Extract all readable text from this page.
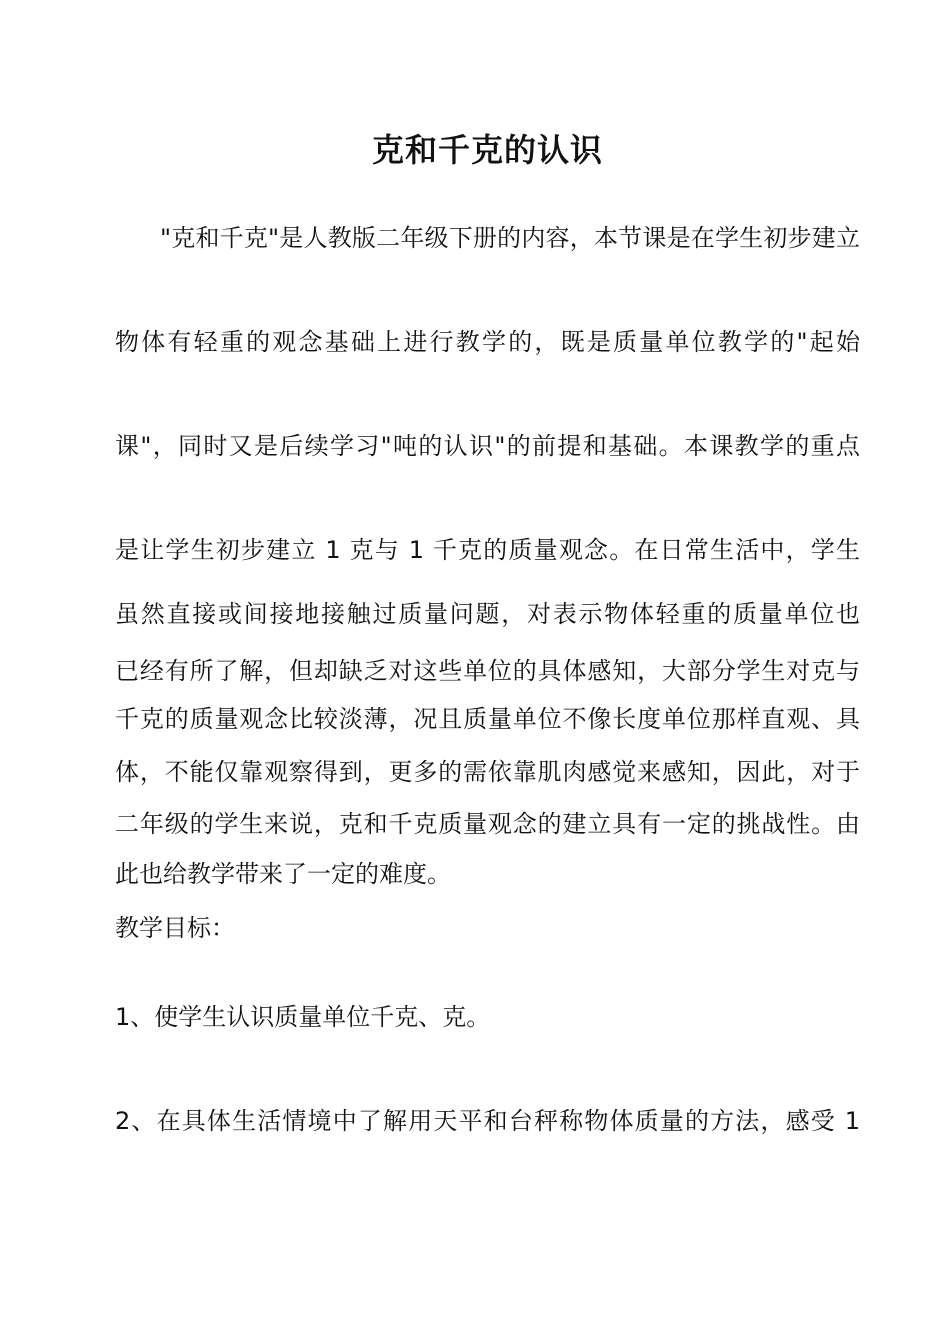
克和千克的认识
"克和千克"是人教版二年级下册的内容，本节课是在学生初步建立
物体有轻重的观念基础上进行教学的，既是质量单位教学的"起始
课"，同时又是后续学习"吨的认识"的前提和基础。本课教学的重点
是让学生初步建立 1 克与 1 千克的质量观念。在日常生活中，学生
虽然直接或间接地接触过质量问题，对表示物体轻重的质量单位也
已经有所了解，但却缺乏对这些单位的具体感知，大部分学生对克与
千克的质量观念比较淡薄，况且质量单位不像长度单位那样直观、具
体，不能仅靠观察得到，更多的需依靠肌肉感觉来感知，因此，对于
二年级的学生来说，克和千克质量观念的建立具有一定的挑战性。由
此也给教学带来了一定的难度。
教学目标：
1、使学生认识质量单位千克、克。
2、在具体生活情境中了解用天平和台秤称物体质量的方法，感受 1
